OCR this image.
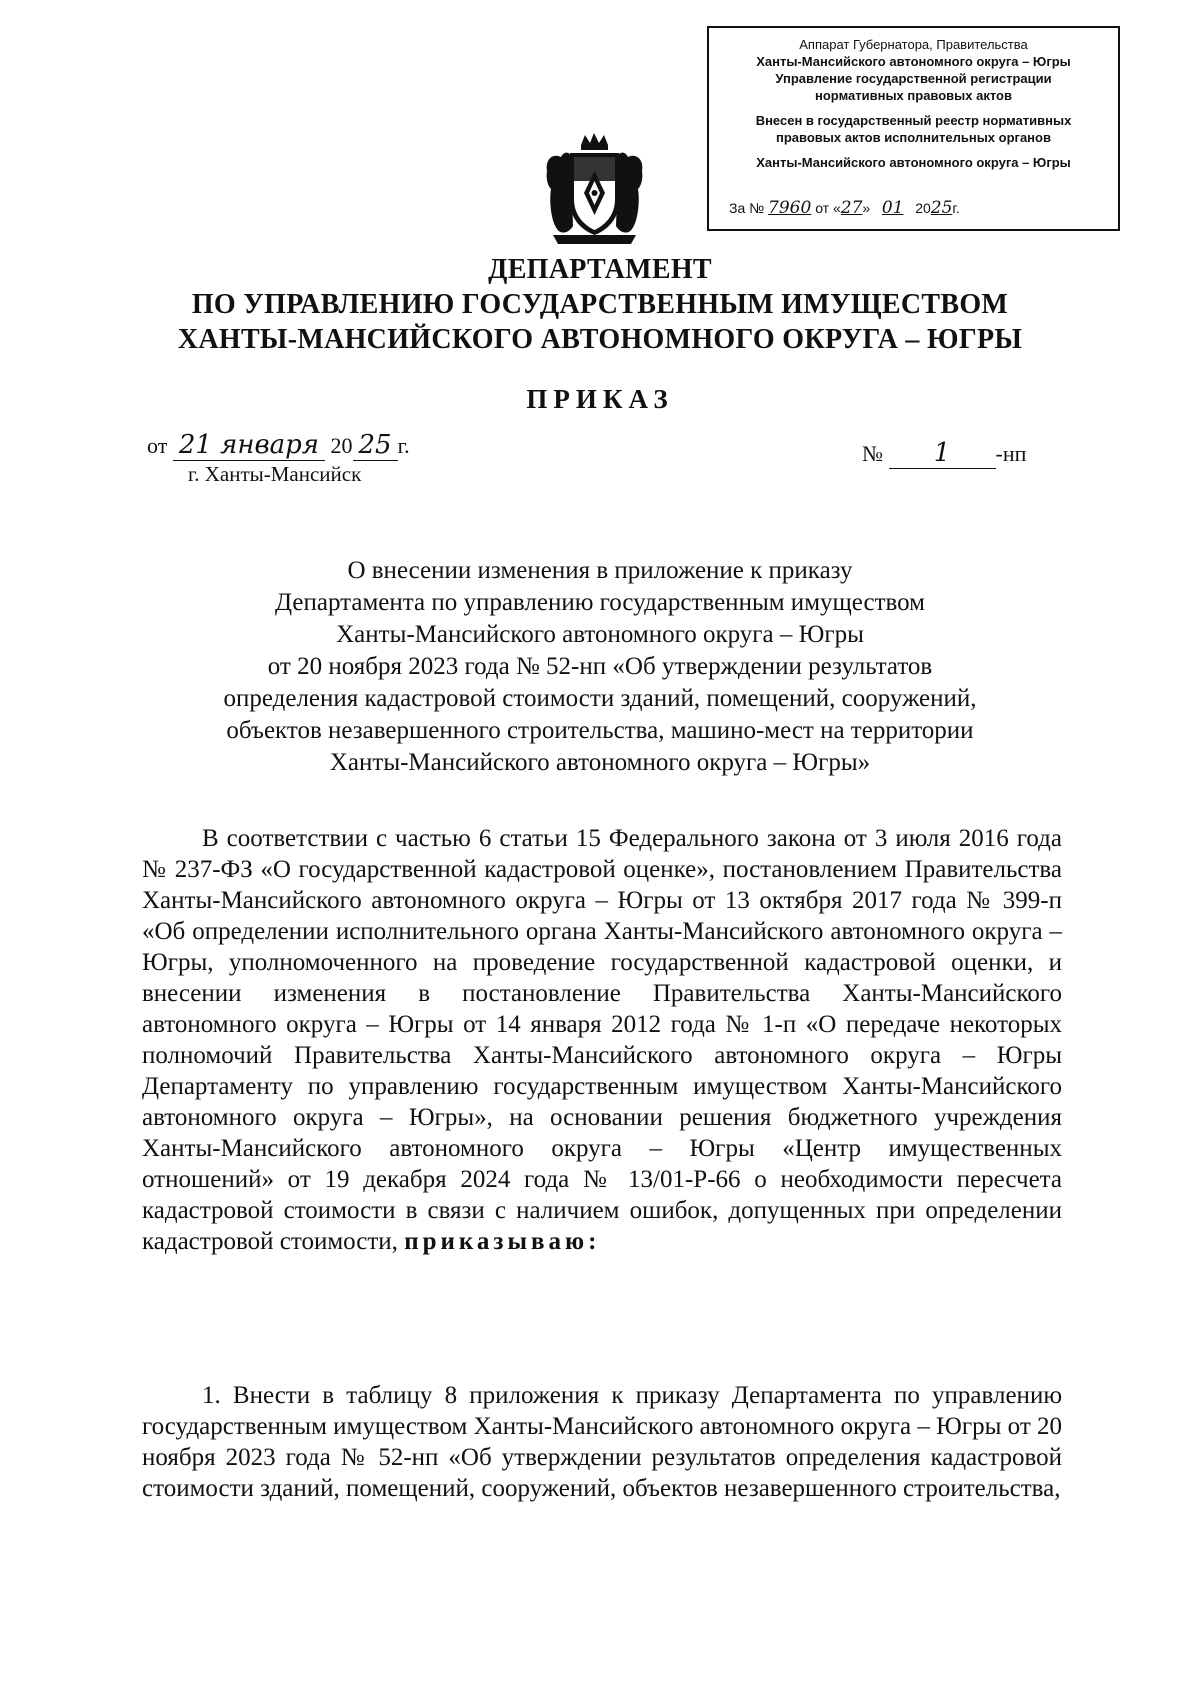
Аппарат Губернатора, Правительства
Ханты-Мансийского автономного округа – Югры
Управление государственной регистрации
нормативных правовых актов
Внесен в государственный реестр нормативных
правовых актов исполнительных органов
Ханты-Мансийского автономного округа – Югры
За № 7960 от «27» 01 2025г.
ДЕПАРТАМЕНТ
ПО УПРАВЛЕНИЮ ГОСУДАРСТВЕННЫМ ИМУЩЕСТВОМ
ХАНТЫ-МАНСИЙСКОГО АВТОНОМНОГО ОКРУГА – ЮГРЫ
ПРИКАЗ
от 21 января 20 25 г.
г. Ханты-Мансийск
№ 1 -нп
О внесении изменения в приложение к приказу
Департамента по управлению государственным имуществом
Ханты-Мансийского автономного округа – Югры
от 20 ноября 2023 года № 52-нп «Об утверждении результатов
определения кадастровой стоимости зданий, помещений, сооружений,
объектов незавершенного строительства, машино-мест на территории
Ханты-Мансийского автономного округа – Югры»
В соответствии с частью 6 статьи 15 Федерального закона от 3 июля 2016 года № 237-ФЗ «О государственной кадастровой оценке», постановлением Правительства Ханты-Мансийского автономного округа – Югры от 13 октября 2017 года № 399-п «Об определении исполнительного органа Ханты-Мансийского автономного округа – Югры, уполномоченного на проведение государственной кадастровой оценки, и внесении изменения в постановление Правительства Ханты-Мансийского автономного округа – Югры от 14 января 2012 года № 1-п «О передаче некоторых полномочий Правительства Ханты-Мансийского автономного округа – Югры Департаменту по управлению государственным имуществом Ханты-Мансийского автономного округа – Югры», на основании решения бюджетного учреждения Ханты-Мансийского автономного округа – Югры «Центр имущественных отношений» от 19 декабря 2024 года № 13/01-Р-66 о необходимости пересчета кадастровой стоимости в связи с наличием ошибок, допущенных при определении кадастровой стоимости, приказываю:
1. Внести в таблицу 8 приложения к приказу Департамента по управлению государственным имуществом Ханты-Мансийского автономного округа – Югры от 20 ноября 2023 года № 52-нп «Об утверждении результатов определения кадастровой стоимости зданий, помещений, сооружений, объектов незавершенного строительства,
